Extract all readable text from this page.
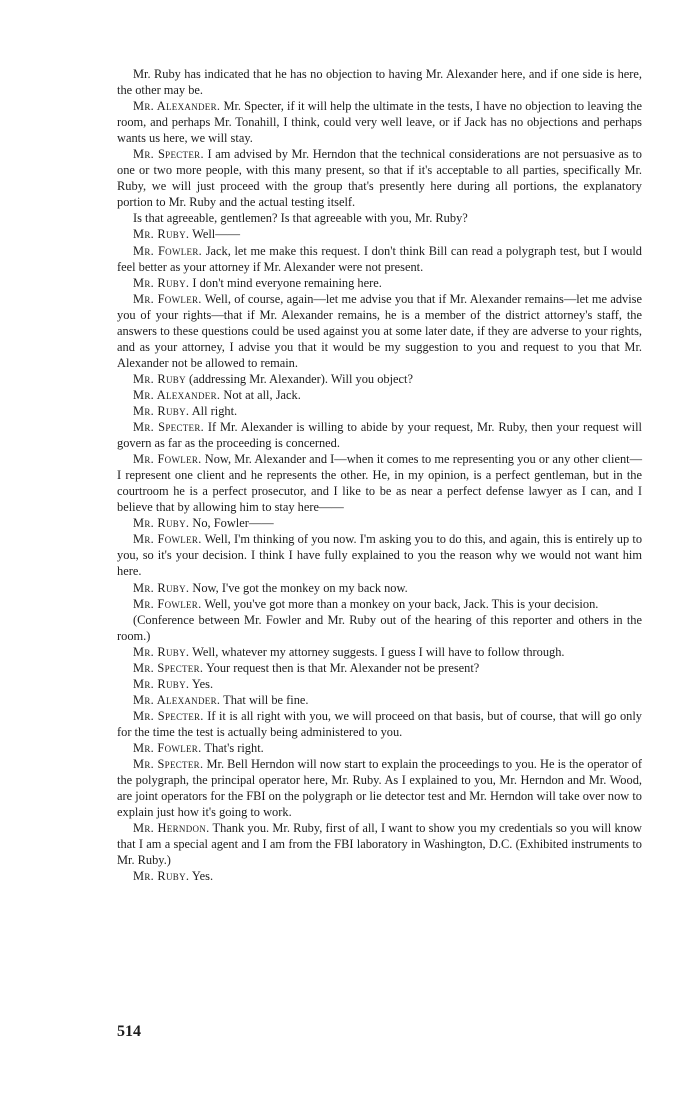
Mr. Ruby has indicated that he has no objection to having Mr. Alexander here, and if one side is here, the other may be.

Mr. Alexander. Mr. Specter, if it will help the ultimate in the tests, I have no objection to leaving the room, and perhaps Mr. Tonahill, I think, could very well leave, or if Jack has no objections and perhaps wants us here, we will stay.

Mr. Specter. I am advised by Mr. Herndon that the technical considerations are not persuasive as to one or two more people, with this many present, so that if it's acceptable to all parties, specifically Mr. Ruby, we will just proceed with the group that's presently here during all portions, the explanatory portion to Mr. Ruby and the actual testing itself.

Is that agreeable, gentlemen? Is that agreeable with you, Mr. Ruby?

Mr. Ruby. Well——

Mr. Fowler. Jack, let me make this request. I don't think Bill can read a polygraph test, but I would feel better as your attorney if Mr. Alexander were not present.

Mr. Ruby. I don't mind everyone remaining here.

Mr. Fowler. Well, of course, again—let me advise you that if Mr. Alexander remains—let me advise you of your rights—that if Mr. Alexander remains, he is a member of the district attorney's staff, the answers to these questions could be used against you at some later date, if they are adverse to your rights, and as your attorney, I advise you that it would be my suggestion to you and request to you that Mr. Alexander not be allowed to remain.

Mr. Ruby (addressing Mr. Alexander). Will you object?

Mr. Alexander. Not at all, Jack.

Mr. Ruby. All right.

Mr. Specter. If Mr. Alexander is willing to abide by your request, Mr. Ruby, then your request will govern as far as the proceeding is concerned.

Mr. Fowler. Now, Mr. Alexander and I—when it comes to me representing you or any other client—I represent one client and he represents the other. He, in my opinion, is a perfect gentleman, but in the courtroom he is a perfect prosecutor, and I like to be as near a perfect defense lawyer as I can, and I believe that by allowing him to stay here——

Mr. Ruby. No, Fowler——

Mr. Fowler. Well, I'm thinking of you now. I'm asking you to do this, and again, this is entirely up to you, so it's your decision. I think I have fully explained to you the reason why we would not want him here.

Mr. Ruby. Now, I've got the monkey on my back now.

Mr. Fowler. Well, you've got more than a monkey on your back, Jack. This is your decision.

(Conference between Mr. Fowler and Mr. Ruby out of the hearing of this reporter and others in the room.)

Mr. Ruby. Well, whatever my attorney suggests. I guess I will have to follow through.

Mr. Specter. Your request then is that Mr. Alexander not be present?

Mr. Ruby. Yes.

Mr. Alexander. That will be fine.

Mr. Specter. If it is all right with you, we will proceed on that basis, but of course, that will go only for the time the test is actually being administered to you.

Mr. Fowler. That's right.

Mr. Specter. Mr. Bell Herndon will now start to explain the proceedings to you. He is the operator of the polygraph, the principal operator here, Mr. Ruby. As I explained to you, Mr. Herndon and Mr. Wood, are joint operators for the FBI on the polygraph or lie detector test and Mr. Herndon will take over now to explain just how it's going to work.

Mr. Herndon. Thank you. Mr. Ruby, first of all, I want to show you my credentials so you will know that I am a special agent and I am from the FBI laboratory in Washington, D.C. (Exhibited instruments to Mr. Ruby.)

Mr. Ruby. Yes.

514
